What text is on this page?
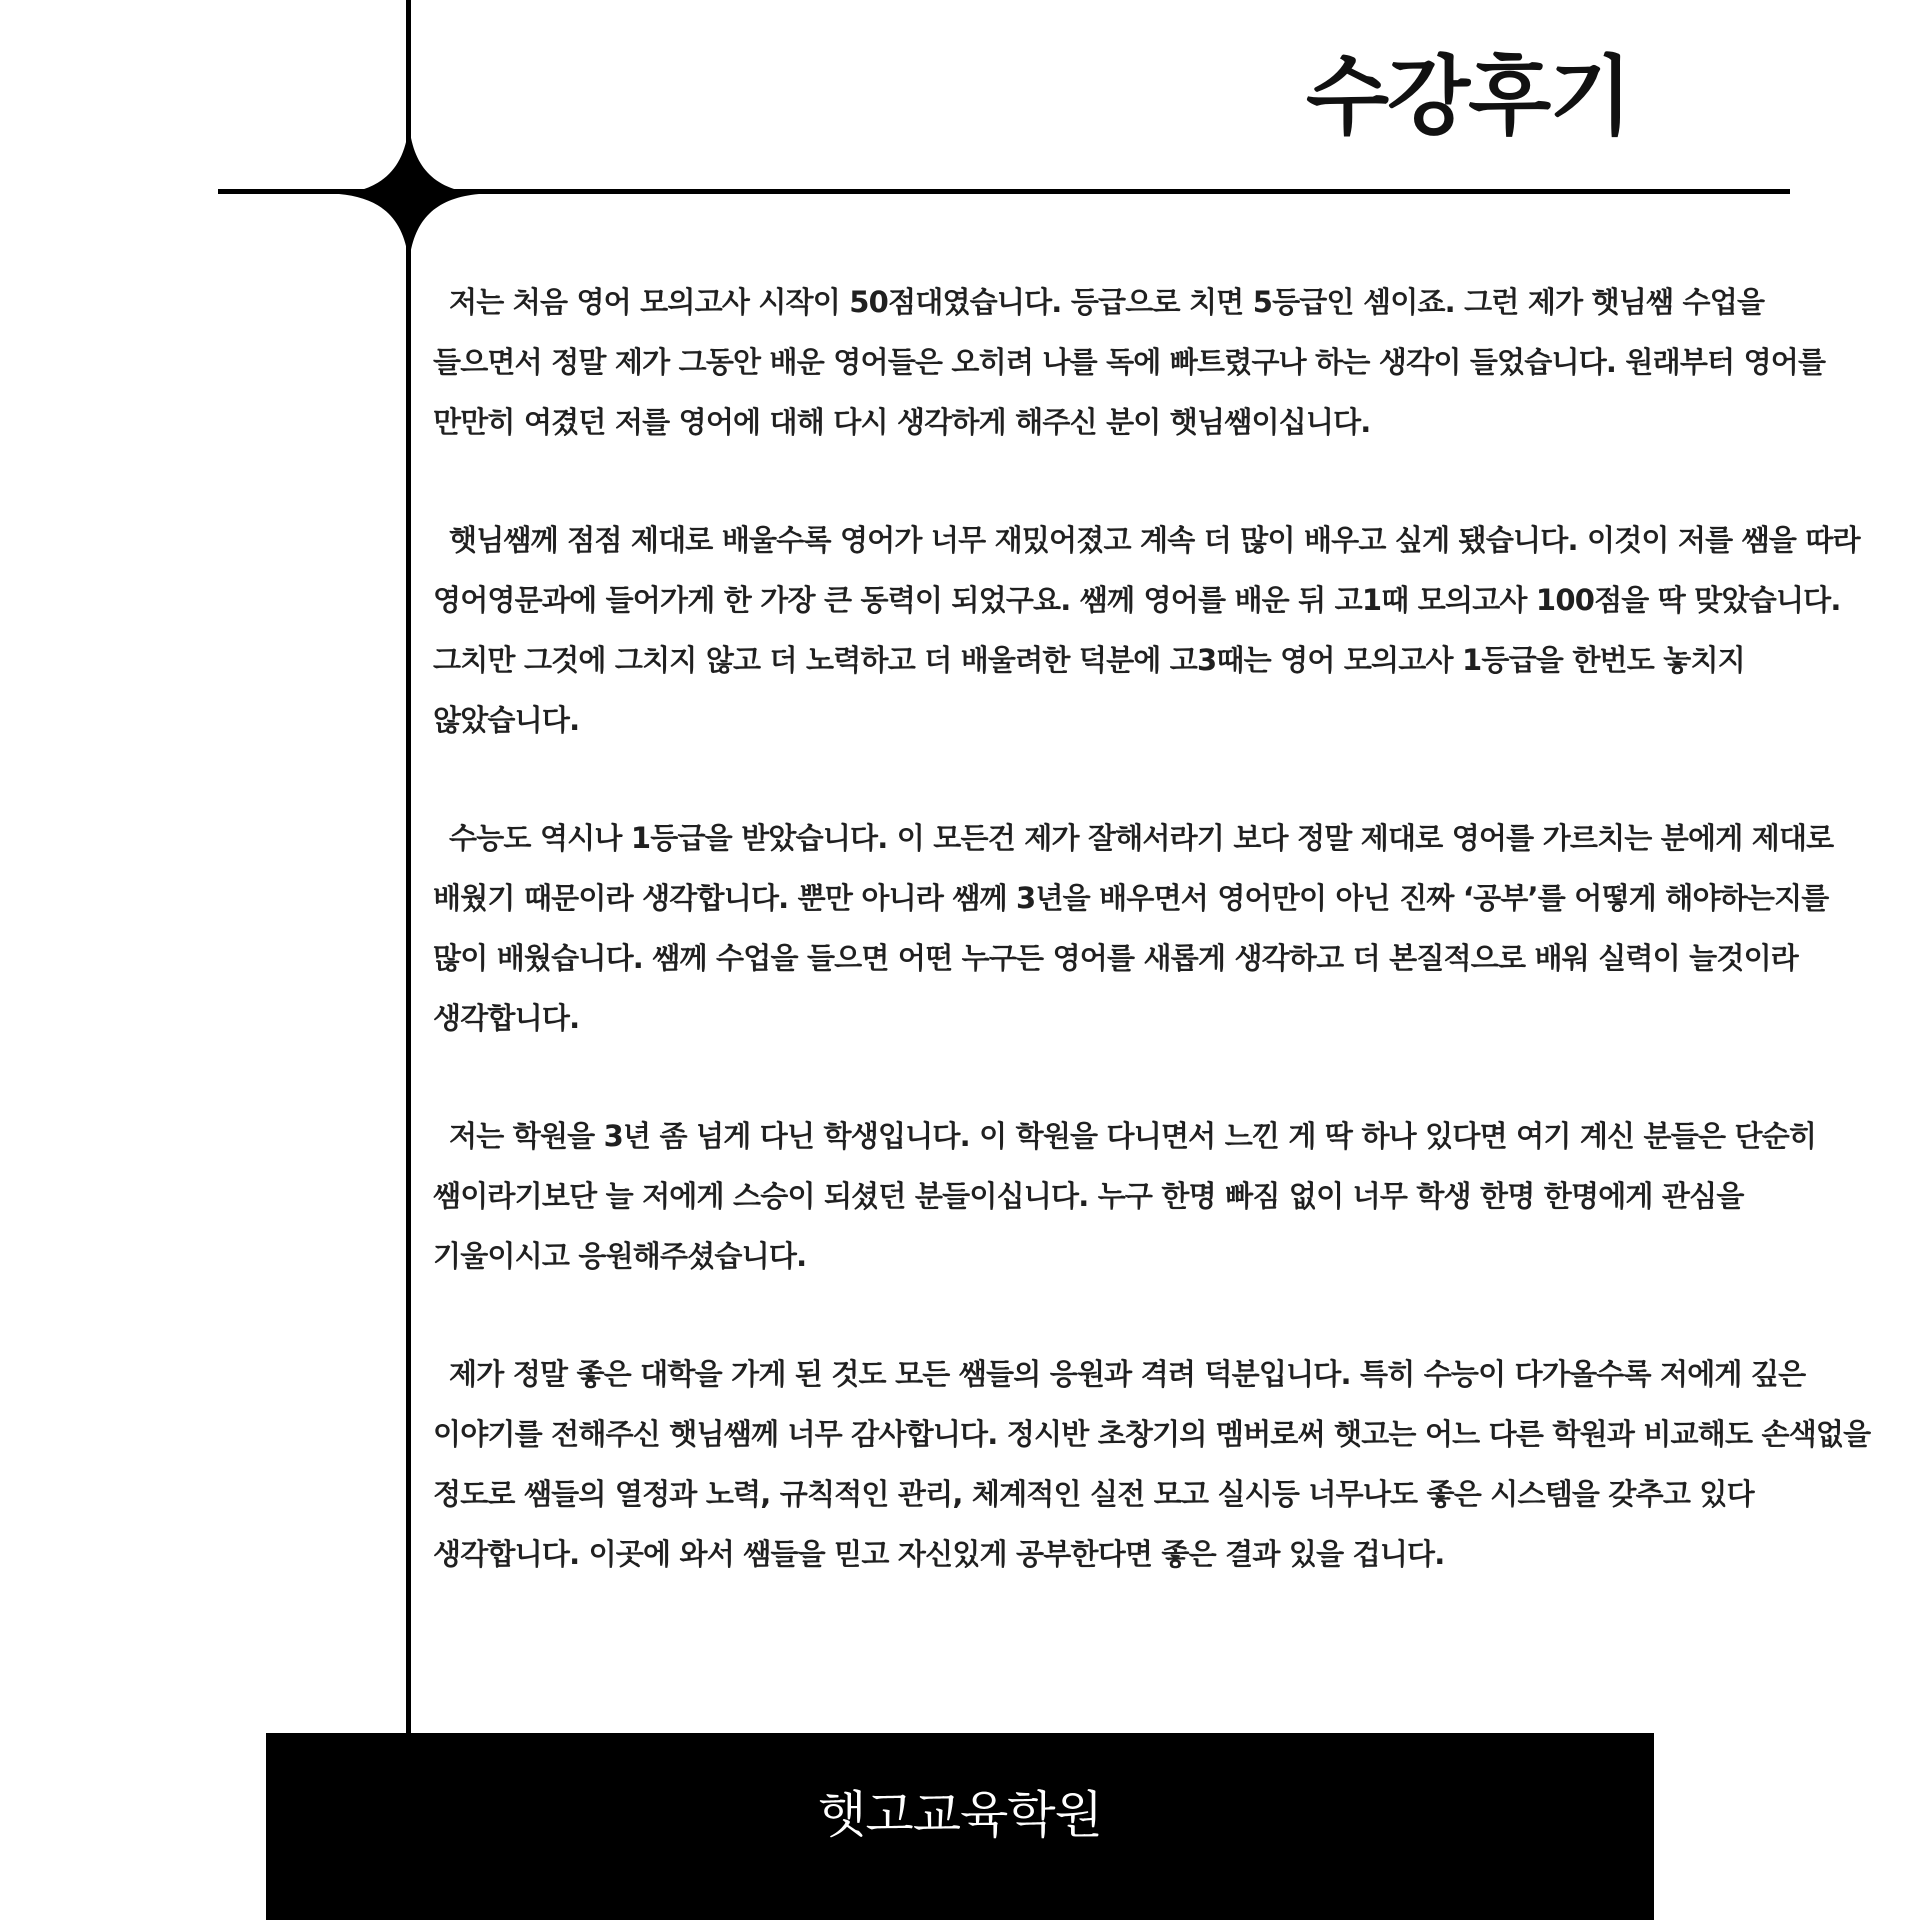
수강후기

저는 처음 영어 모의고사 시작이 50점대였습니다. 등급으로 치면 5등급인 셈이죠. 그런 제가 햇님쌤 수업을 들으면서 정말 제가 그동안 배운 영어들은 오히려 나를 독에 빠트렸구나 하는 생각이 들었습니다. 원래부터 영어를 만만히 여겼던 저를 영어에 대해 다시 생각하게 해주신 분이 햇님쌤이십니다.

햇님쌤께 점점 제대로 배울수록 영어가 너무 재밌어졌고 계속 더 많이 배우고 싶게 됐습니다. 이것이 저를 쌤을 따라 영어영문과에 들어가게 한 가장 큰 동력이 되었구요. 쌤께 영어를 배운 뒤 고1때 모의고사 100점을 딱 맞았습니다. 그치만 그것에 그치지 않고 더 노력하고 더 배울려한 덕분에 고3때는 영어 모의고사 1등급을 한번도 놓치지 않았습니다.

수능도 역시나 1등급을 받았습니다. 이 모든건 제가 잘해서라기 보다 정말 제대로 영어를 가르치는 분에게 제대로 배웠기 때문이라 생각합니다. 뿐만 아니라 쌤께 3년을 배우면서 영어만이 아닌 진짜 ‘공부’를 어떻게 해야하는지를 많이 배웠습니다. 쌤께 수업을 들으면 어떤 누구든 영어를 새롭게 생각하고 더 본질적으로 배워 실력이 늘것이라 생각합니다.

저는 학원을 3년 좀 넘게 다닌 학생입니다. 이 학원을 다니면서 느낀 게 딱 하나 있다면 여기 계신 분들은 단순히 쌤이라기보단 늘 저에게 스승이 되셨던 분들이십니다. 누구 한명 빠짐 없이 너무 학생 한명 한명에게 관심을 기울이시고 응원해주셨습니다.

제가 정말 좋은 대학을 가게 된 것도 모든 쌤들의 응원과 격려 덕분입니다. 특히 수능이 다가올수록 저에게 깊은 이야기를 전해주신 햇님쌤께 너무 감사합니다. 정시반 초창기의 멤버로써 햇고는 어느 다른 학원과 비교해도 손색없을 정도로 쌤들의 열정과 노력, 규칙적인 관리, 체계적인 실전 모고 실시등 너무나도 좋은 시스템을 갖추고 있다 생각합니다. 이곳에 와서 쌤들을 믿고 자신있게 공부한다면 좋은 결과 있을 겁니다.

햇고교육학원
